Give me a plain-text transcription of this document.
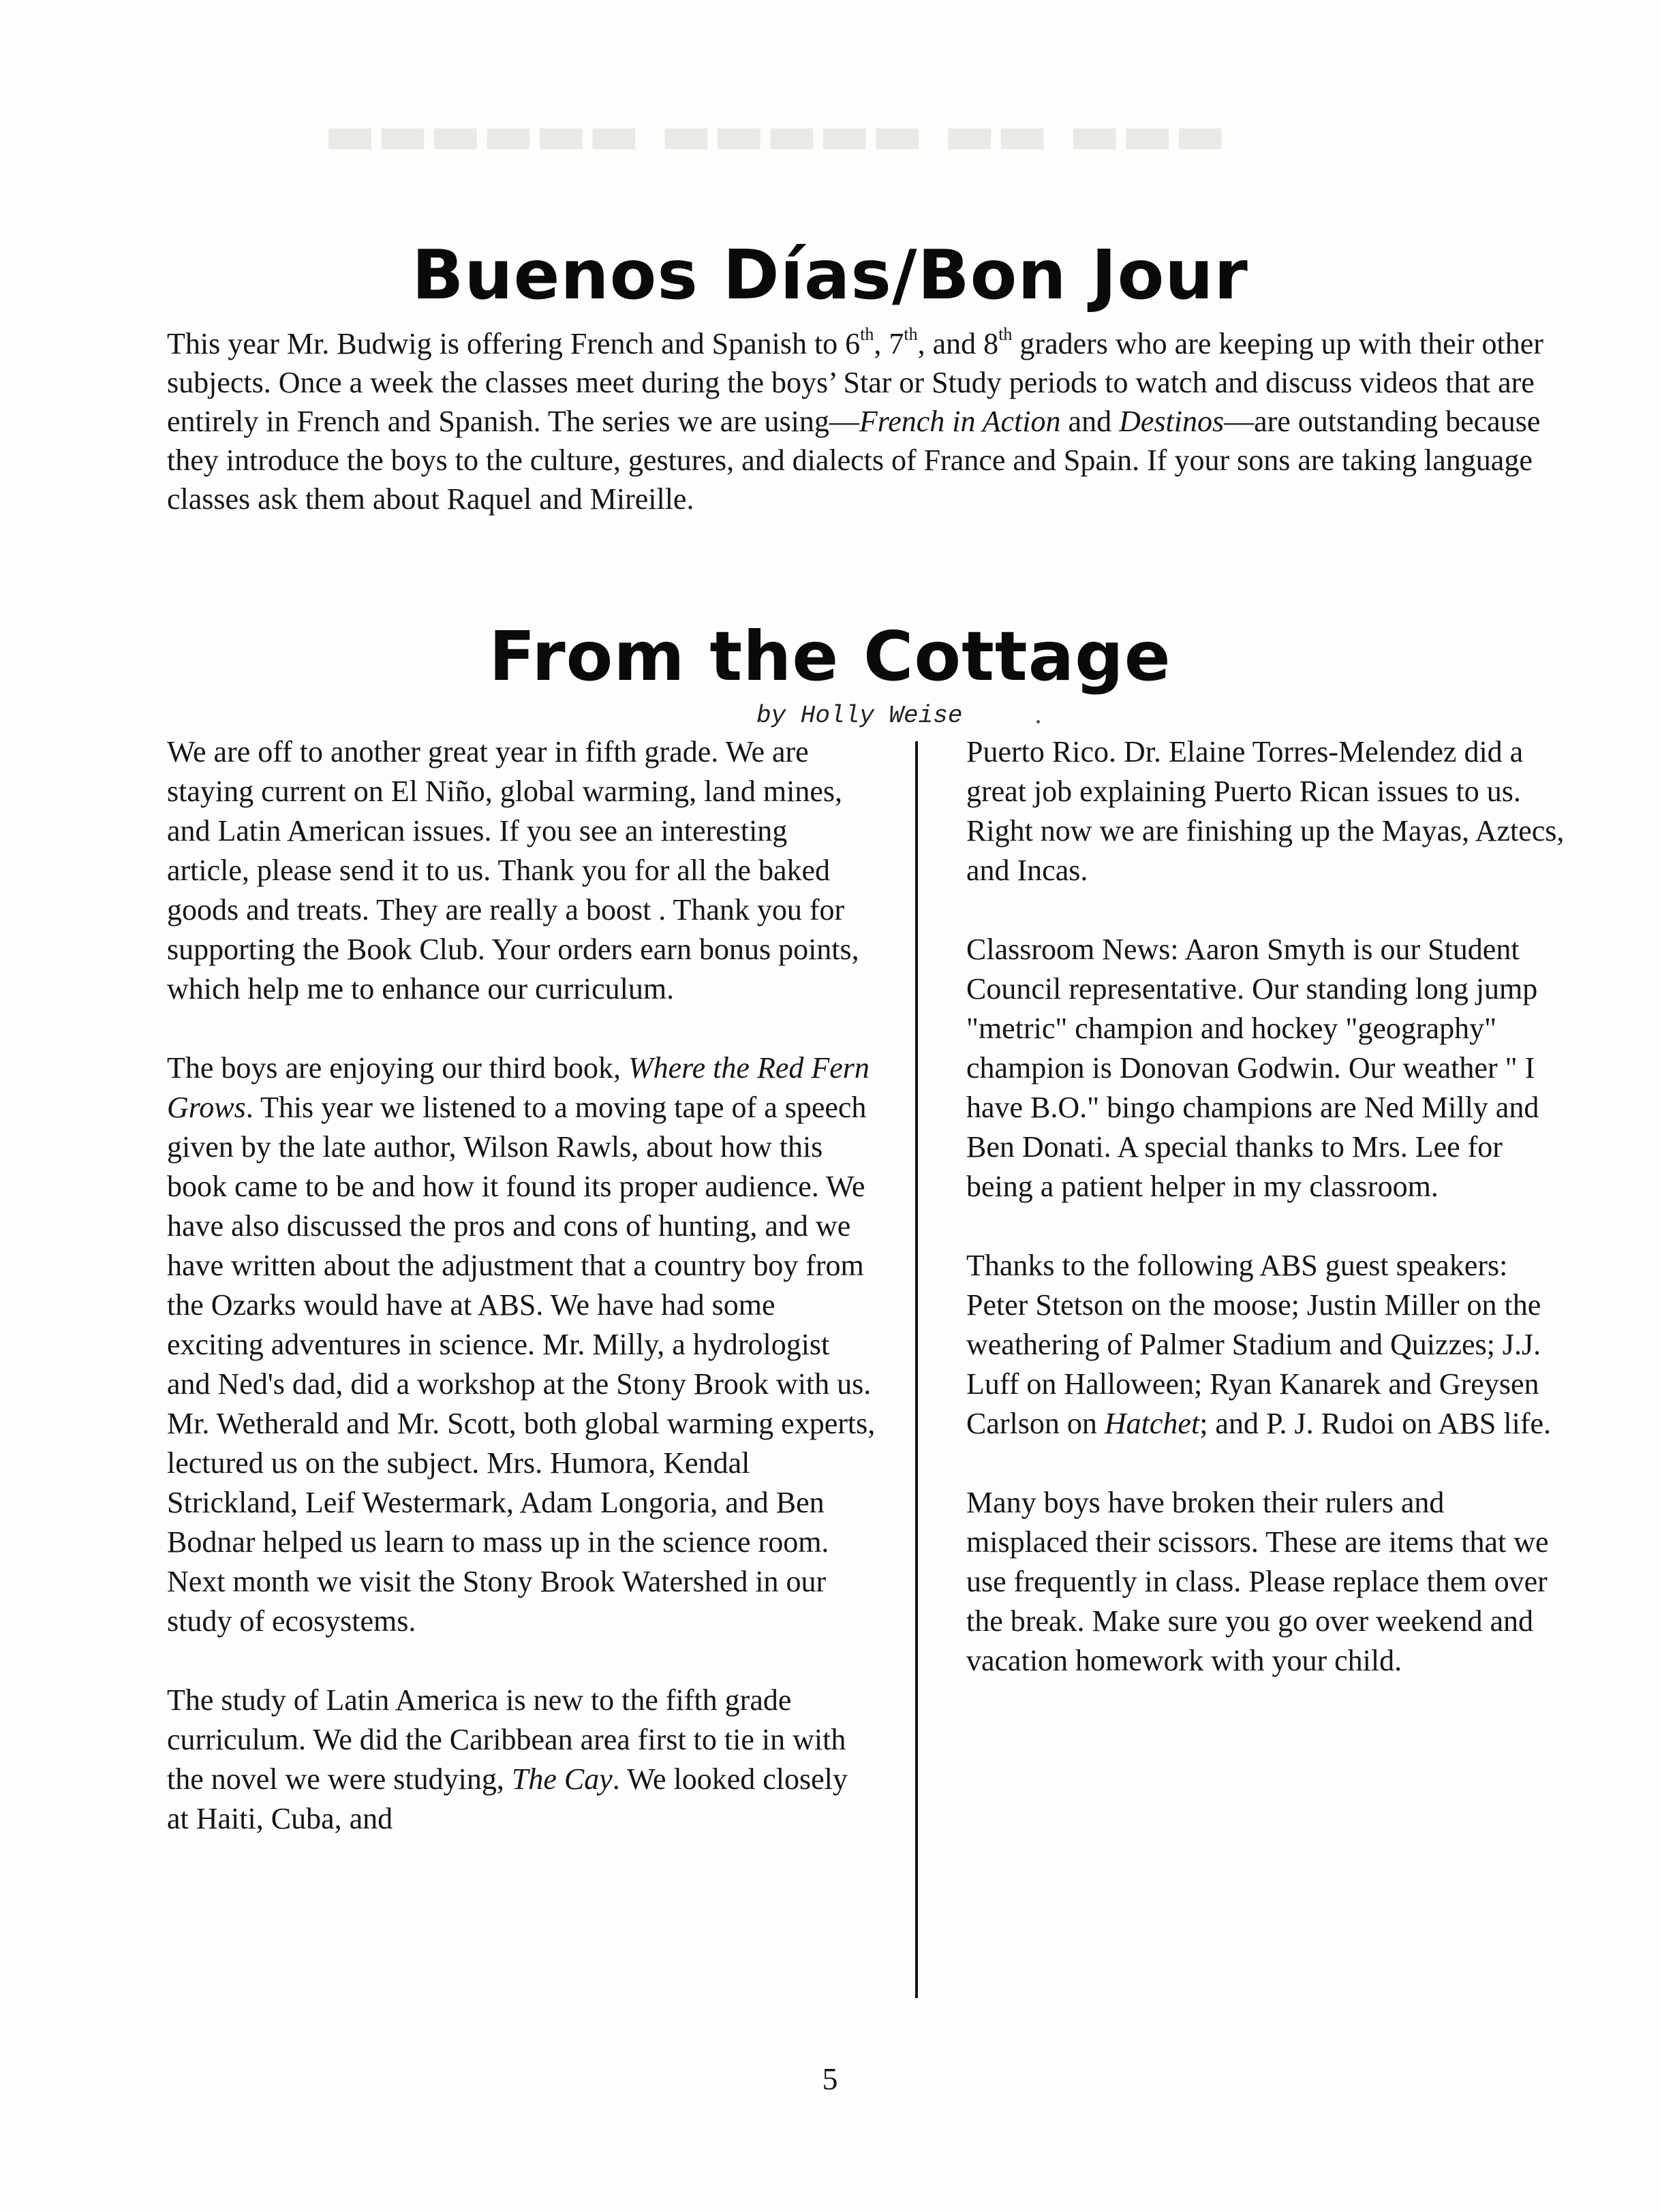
▬▬▬ ▬▬ ▬▬▬▬▬ ▬▬▬▬▬▬
Buenos Días/Bon Jour

This year Mr. Budwig is offering French and Spanish to 6th, 7th, and 8th graders who are keeping up with their other subjects. Once a week the classes meet during the boys’ Star or Study periods to watch and discuss videos that are entirely in French and Spanish. The series we are using—French in Action and Destinos—are outstanding because they introduce the boys to the culture, gestures, and dialects of France and Spain. If your sons are taking language classes ask them about Raquel and Mireille.

From the Cottage

by Holly Weise

We are off to another great year in fifth grade. We are staying current on El Niño, global warming, land mines, and Latin American issues. If you see an interesting article, please send it to us. Thank you for all the baked goods and treats. They are really a boost . Thank you for supporting the Book Club. Your orders earn bonus points, which help me to enhance our curriculum.

The boys are enjoying our third book, Where the Red Fern Grows. This year we listened to a moving tape of a speech given by the late author, Wilson Rawls, about how this book came to be and how it found its proper audience. We have also discussed the pros and cons of hunting, and we have written about the adjustment that a country boy from the Ozarks would have at ABS. We have had some exciting adventures in science. Mr. Milly, a hydrologist and Ned's dad, did a workshop at the Stony Brook with us. Mr. Wetherald and Mr. Scott, both global warming experts, lectured us on the subject. Mrs. Humora, Kendal Strickland, Leif Westermark, Adam Longoria, and Ben Bodnar helped us learn to mass up in the science room. Next month we visit the Stony Brook Watershed in our study of ecosystems.

The study of Latin America is new to the fifth grade curriculum. We did the Caribbean area first to tie in with the novel we were studying, The Cay. We looked closely at Haiti, Cuba, and

Puerto Rico. Dr. Elaine Torres-Melendez did a great job explaining Puerto Rican issues to us. Right now we are finishing up the Mayas, Aztecs, and Incas.

Classroom News: Aaron Smyth is our Student Council representative. Our standing long jump "metric" champion and hockey "geography" champion is Donovan Godwin. Our weather " I have B.O." bingo champions are Ned Milly and Ben Donati. A special thanks to Mrs. Lee for being a patient helper in my classroom.

Thanks to the following ABS guest speakers: Peter Stetson on the moose; Justin Miller on the weathering of Palmer Stadium and Quizzes; J.J. Luff on Halloween; Ryan Kanarek and Greysen Carlson on Hatchet; and P. J. Rudoi on ABS life.

Many boys have broken their rulers and misplaced their scissors. These are items that we use frequently in class. Please replace them over the break. Make sure you go over weekend and vacation homework with your child.

5
